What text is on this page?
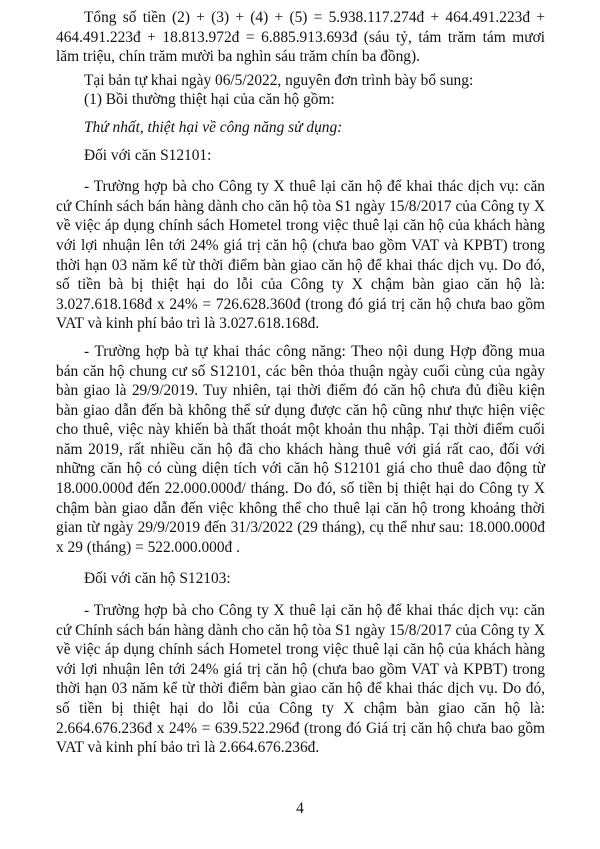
Tổng số tiền (2) + (3) + (4) + (5) = 5.938.117.274đ + 464.491.223đ + 464.491.223đ + 18.813.972đ = 6.885.913.693đ (sáu tỷ, tám trăm tám mươi lăm triệu, chín trăm mười ba nghìn sáu trăm chín ba đồng).

Tại bản tự khai ngày 06/5/2022, nguyên đơn trình bày bổ sung:

(1) Bồi thường thiệt hại của căn hộ gồm:

Thứ nhất, thiệt hại về công năng sử dụng:

Đối với căn S12101:

- Trường hợp bà cho Công ty X thuê lại căn hộ để khai thác dịch vụ: căn cứ Chính sách bán hàng dành cho căn hộ tòa S1 ngày 15/8/2017 của Công ty X về việc áp dụng chính sách Hometel trong việc thuê lại căn hộ của khách hàng với lợi nhuận lên tới 24% giá trị căn hộ (chưa bao gồm VAT và KPBT) trong thời hạn 03 năm kể từ thời điểm bàn giao căn hộ để khai thác dịch vụ. Do đó, số tiền bà bị thiệt hại do lỗi của Công ty X chậm bàn giao căn hộ là: 3.027.618.168đ x 24% = 726.628.360đ (trong đó giá trị căn hộ chưa bao gồm VAT và kinh phí bảo trì là 3.027.618.168đ.

- Trường hợp bà tự khai thác công năng: Theo nội dung Hợp đồng mua bán căn hộ chung cư số S12101, các bên thỏa thuận ngày cuối cùng của ngày bàn giao là 29/9/2019. Tuy nhiên, tại thời điểm đó căn hộ chưa đủ điều kiện bàn giao dẫn đến bà không thể sử dụng được căn hộ cũng như thực hiện việc cho thuê, việc này khiến bà thất thoát một khoản thu nhập. Tại thời điểm cuối năm 2019, rất nhiều căn hộ đã cho khách hàng thuê với giá rất cao, đối với những căn hộ có cùng diện tích với căn hộ S12101 giá cho thuê dao động từ 18.000.000đ đến 22.000.000đ/ tháng. Do đó, số tiền bị thiệt hại do Công ty X chậm bàn giao dẫn đến việc không thể cho thuê lại căn hộ trong khoảng thời gian từ ngày 29/9/2019 đến 31/3/2022 (29 tháng), cụ thể như sau: 18.000.000đ x 29 (tháng) = 522.000.000đ .

Đối với căn hộ S12103:

- Trường hợp bà cho Công ty X thuê lại căn hộ để khai thác dịch vụ: căn cứ Chính sách bán hàng dành cho căn hộ tòa S1 ngày 15/8/2017 của Công ty X về việc áp dụng chính sách Hometel trong việc thuê lại căn hộ của khách hàng với lợi nhuận lên tới 24% giá trị căn hộ (chưa bao gồm VAT và KPBT) trong thời hạn 03 năm kể từ thời điểm bàn giao căn hộ để khai thác dịch vụ. Do đó, số tiền bị thiệt hại do lỗi của Công ty X chậm bàn giao căn hộ là: 2.664.676.236đ x 24% = 639.522.296đ (trong đó Giá trị căn hộ chưa bao gồm VAT và kinh phí bảo trì là 2.664.676.236đ.

4
